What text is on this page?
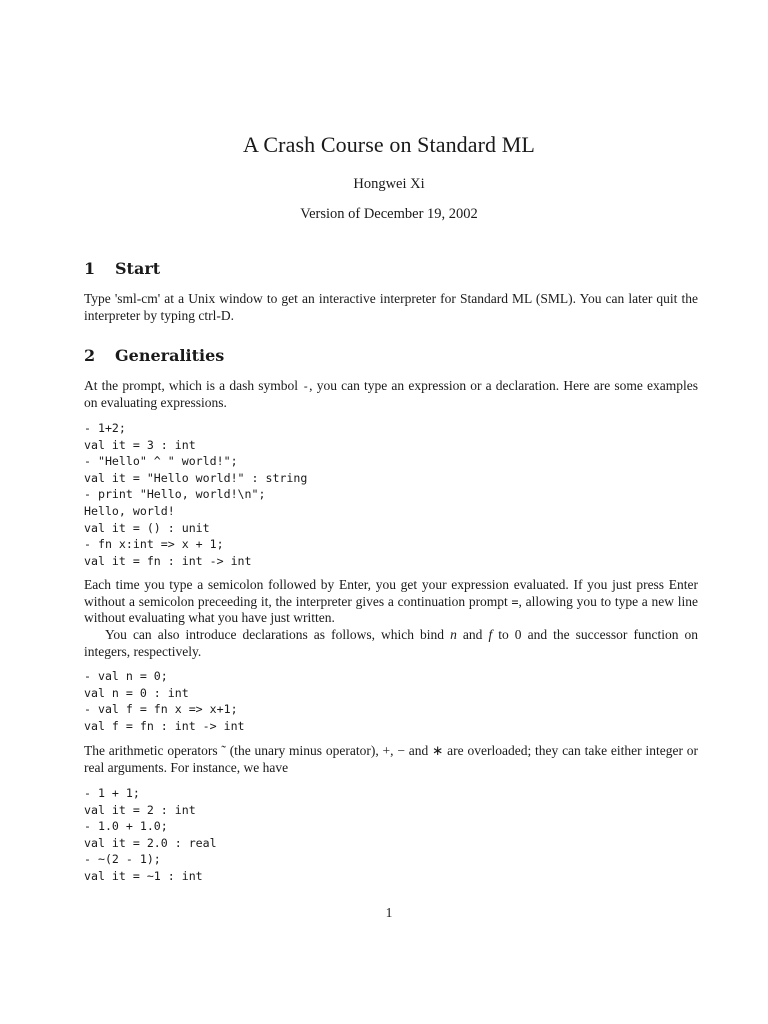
A Crash Course on Standard ML
Hongwei Xi
Version of December 19, 2002
1 Start
Type 'sml-cm' at a Unix window to get an interactive interpreter for Standard ML (SML). You can later quit the interpreter by typing ctrl-D.
2 Generalities
At the prompt, which is a dash symbol -, you can type an expression or a declaration. Here are some examples on evaluating expressions.
- 1+2;
val it = 3 : int
- "Hello" ^ " world!";
val it = "Hello world!" : string
- print "Hello, world!\n";
Hello, world!
val it = () : unit
- fn x:int => x + 1;
val it = fn : int -> int
Each time you type a semicolon followed by Enter, you get your expression evaluated. If you just press Enter without a semicolon preceeding it, the interpreter gives a continuation prompt =, allowing you to type a new line without evaluating what you have just written.
You can also introduce declarations as follows, which bind n and f to 0 and the successor function on integers, respectively.
- val n = 0;
val n = 0 : int
- val f = fn x => x+1;
val f = fn : int -> int
The arithmetic operators ˜ (the unary minus operator), +, − and ∗ are overloaded; they can take either integer or real arguments. For instance, we have
- 1 + 1;
val it = 2 : int
- 1.0 + 1.0;
val it = 2.0 : real
- ~(2 - 1);
val it = ~1 : int
1
